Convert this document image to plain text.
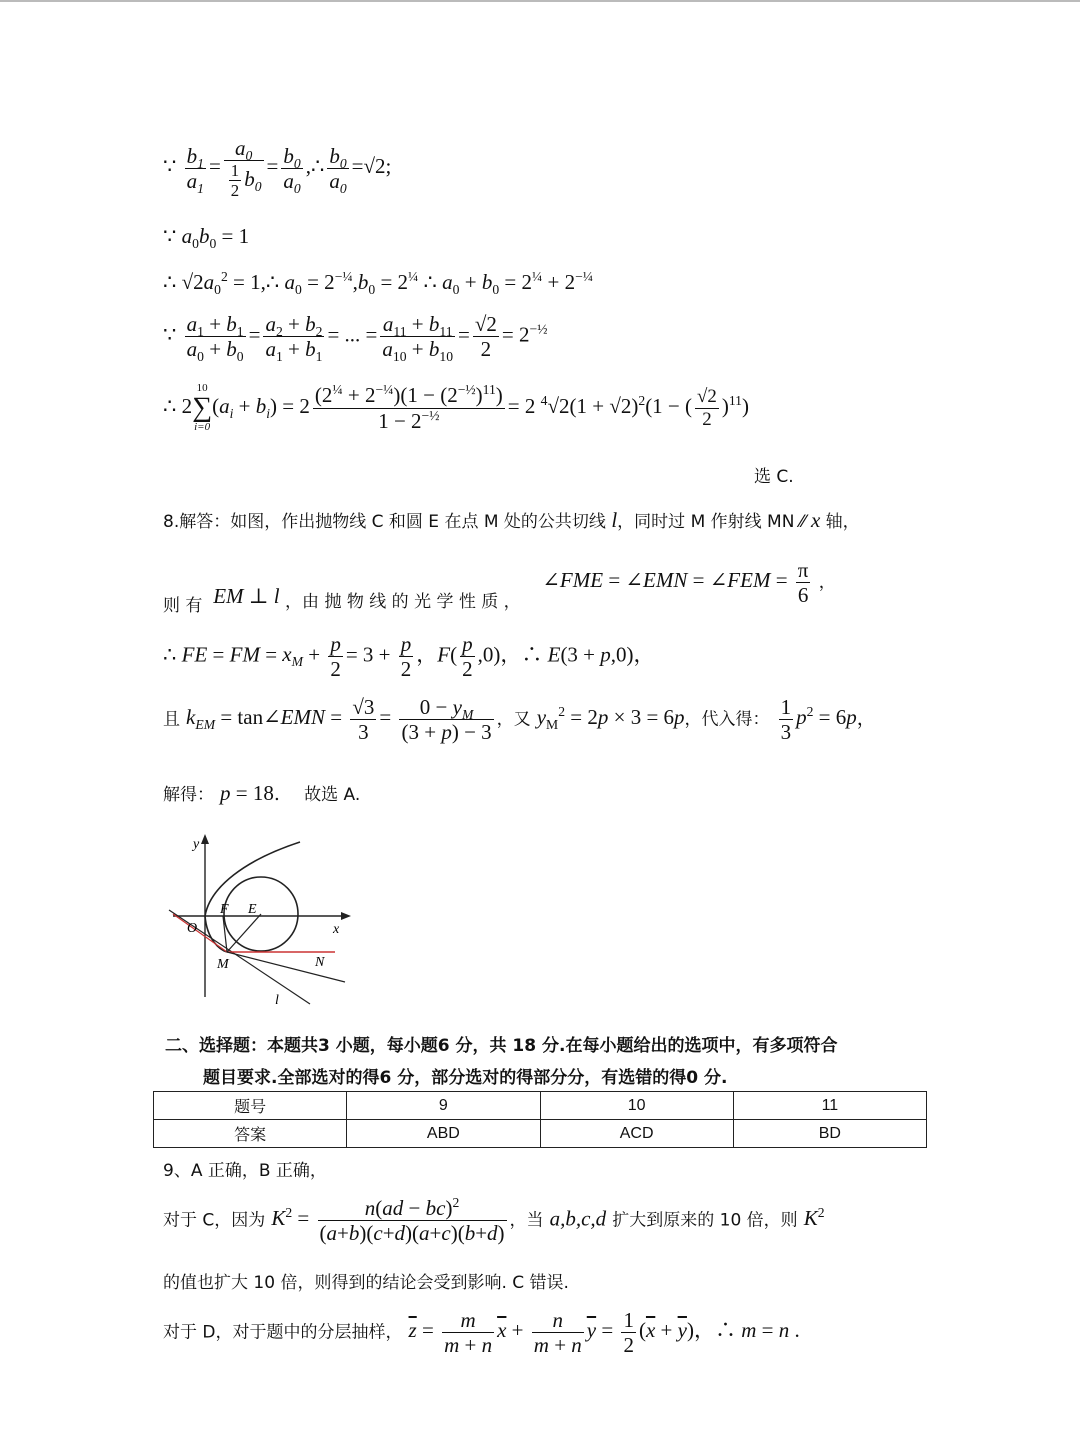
∵ $\frac{b_1}{a_1} = \frac{a_0}{\frac{1}{2} b_0} = \frac{b_0}{a_0}$ ,∴ $\frac{b_0}{a_0} =√2$;
∵ $a_0b_0 = 1$
∴ $√2a_0^2$ = 1,∴ $a_0 = 2^{-\frac{1}{4}},b_0 = 2^{\frac{1}{4}}$ ∴ $a_0 + b_0 = 2^{\frac{1}{4}} + 2^{-\frac{1}{4}}$
∵ $\frac{a_1 + b_1}{a_0 + b_0} = \frac{a_2 + b_2}{a_1 + b_1}$ = ... = $\frac{a_{11} + b_{11}}{a_{10} + b_{10}} = \frac{√2}{2} = 2^{-\frac{1}{2}}$
∴ 2
10
∑
i=0
$(a_i + b_i) = 2 \frac{(2^{\frac{1}{4}} + 2^{-\frac{1}{4}})(1 - (2^{-\frac{1}{2}})^{11})}{1 - 2^{-\frac{1}{2}}} = 2$ $^4√2(1 + √2)^2(1$ − ( $\frac{√2}{2} )^{11}$)
选 C.
8.解答：如图，作出抛物线 C 和圆 E 在点 M 处的公共切线 l，同时过 M 作射线 MN ⁄⁄ x 轴，
则 有 EM ⊥ l ，由 抛 物 线 的 光 学 性 质 ，    ∠FME = ∠EMN = ∠FEM = $\frac{\pi}{6}$ ，
∴ FE = FM = $x_M + \frac{p}{2} = 3 + \frac{p}{2}$ ，$F( \frac{p}{2} ,0)$，∴ E(3 + p,0)，
且 $k_{EM}$ = tan∠EMN = $\frac{√3}{3} = \frac{0 - y_M}{(3 + p) - 3}$ ，又 $y_M^2 = 2p \times 3 = 6p$，代入得： $\frac{1}{3} p^2 = 6p$，
解得： p = 18.    故选 A.
y
x
O
F E
M	N
l
二、选择题：本题共3 小题，每小题6 分，共 18 分.在每小题给出的选项中，有多项符合
题目要求.全部选对的得6 分，部分选对的得部分分，有选错的得0 分.
题号	9	10	11
答案	ABD	ACD	BD
9、A 正确，B 正确，
对于 C，因为 $K^2 = \frac{n(ad - bc)^2}{(a+b)(c+d)(a+c)(b+d)}$ ，当 a,b,c,d 扩大到原来的 10 倍，则 $K^2$
的值也扩大 10 倍，则得到的结论会受到影响. C 错误.
对于 D，对于题中的分层抽样， $\overline{z} = \frac{m}{m + n} \overline{x} + \frac{n}{m + n} \overline{y} = \frac{1}{2} (\overline{x} + \overline{y})$，∴ m = n .
